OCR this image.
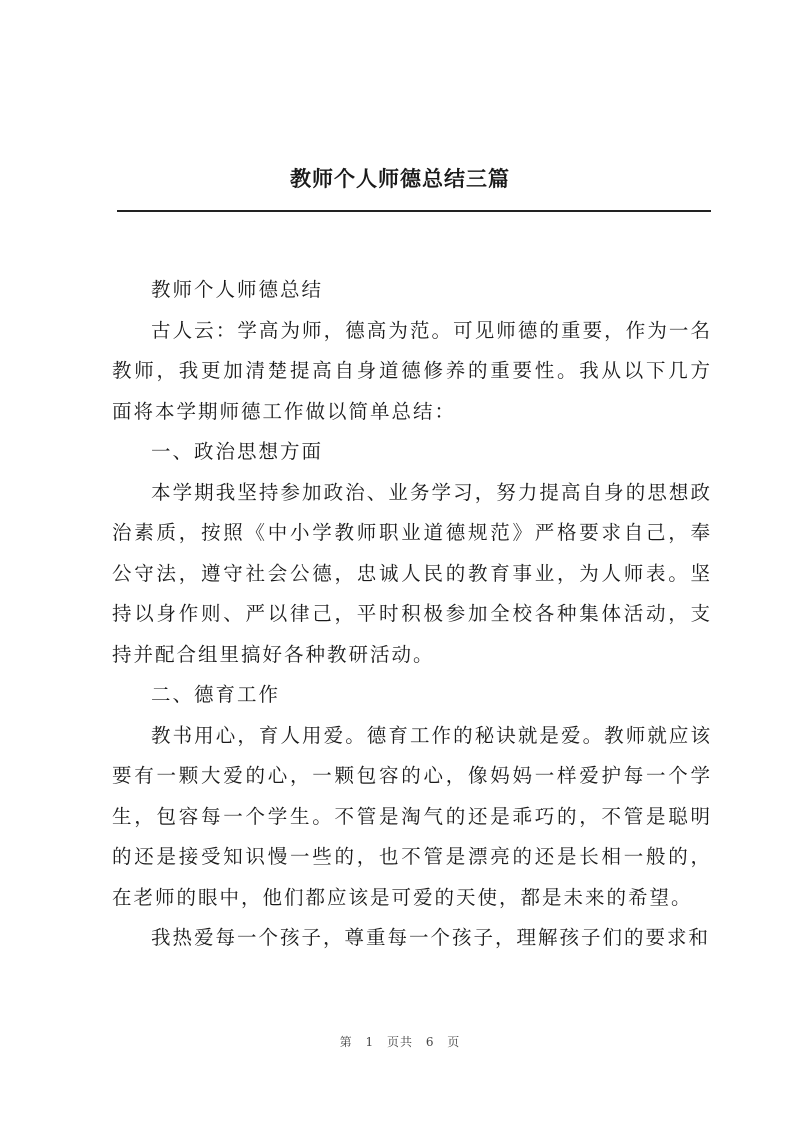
教师个人师德总结三篇

教师个人师德总结

古人云：学高为师，德高为范。可见师德的重要，作为一名教师，我更加清楚提高自身道德修养的重要性。我从以下几方面将本学期师德工作做以简单总结：

一、政治思想方面

本学期我坚持参加政治、业务学习，努力提高自身的思想政治素质，按照《中小学教师职业道德规范》严格要求自己，奉公守法，遵守社会公德，忠诚人民的教育事业，为人师表。坚持以身作则、严以律己，平时积极参加全校各种集体活动，支持并配合组里搞好各种教研活动。

二、德育工作

教书用心，育人用爱。德育工作的秘诀就是爱。教师就应该要有一颗大爱的心，一颗包容的心，像妈妈一样爱护每一个学生，包容每一个学生。不管是淘气的还是乖巧的，不管是聪明的还是接受知识慢一些的，也不管是漂亮的还是长相一般的，在老师的眼中，他们都应该是可爱的天使，都是未来的希望。

我热爱每一个孩子，尊重每一个孩子，理解孩子们的要求和

第 1 页共 6 页
